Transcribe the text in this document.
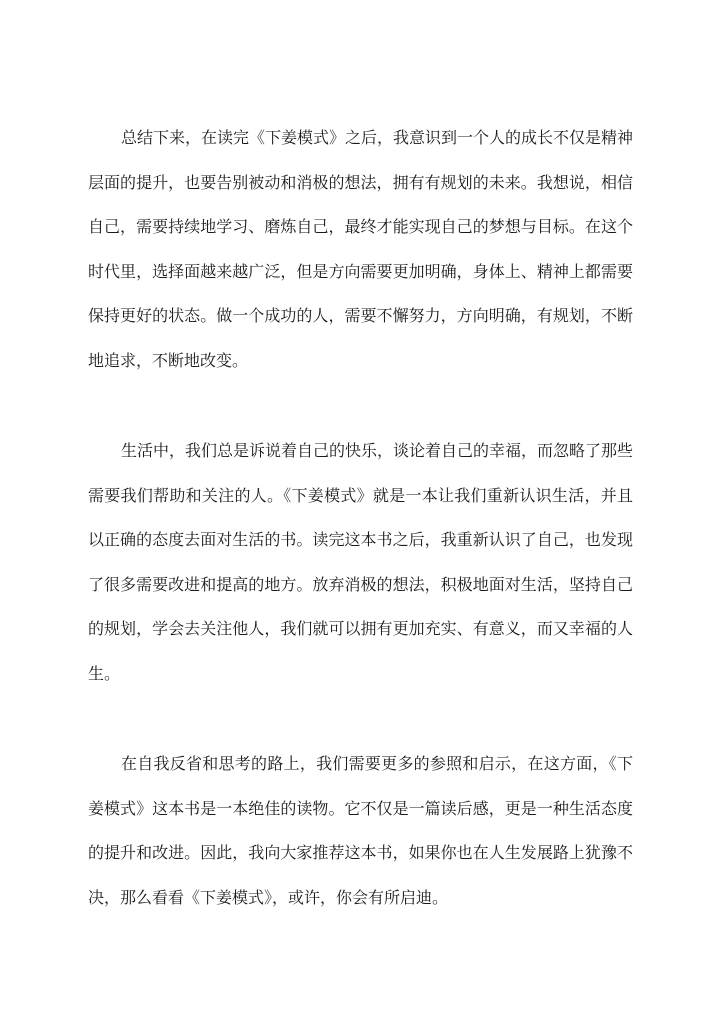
总结下来，在读完《下姜模式》之后，我意识到一个人的成长不仅是精神层面的提升，也要告别被动和消极的想法，拥有有规划的未来。我想说，相信自己，需要持续地学习、磨炼自己，最终才能实现自己的梦想与目标。在这个时代里，选择面越来越广泛，但是方向需要更加明确，身体上、精神上都需要保持更好的状态。做一个成功的人，需要不懈努力，方向明确，有规划，不断地追求，不断地改变。

生活中，我们总是诉说着自己的快乐，谈论着自己的幸福，而忽略了那些需要我们帮助和关注的人。《下姜模式》就是一本让我们重新认识生活，并且以正确的态度去面对生活的书。读完这本书之后，我重新认识了自己，也发现了很多需要改进和提高的地方。放弃消极的想法，积极地面对生活，坚持自己的规划，学会去关注他人，我们就可以拥有更加充实、有意义，而又幸福的人生。

在自我反省和思考的路上，我们需要更多的参照和启示，在这方面，《下姜模式》这本书是一本绝佳的读物。它不仅是一篇读后感，更是一种生活态度的提升和改进。因此，我向大家推荐这本书，如果你也在人生发展路上犹豫不决，那么看看《下姜模式》，或许，你会有所启迪。
